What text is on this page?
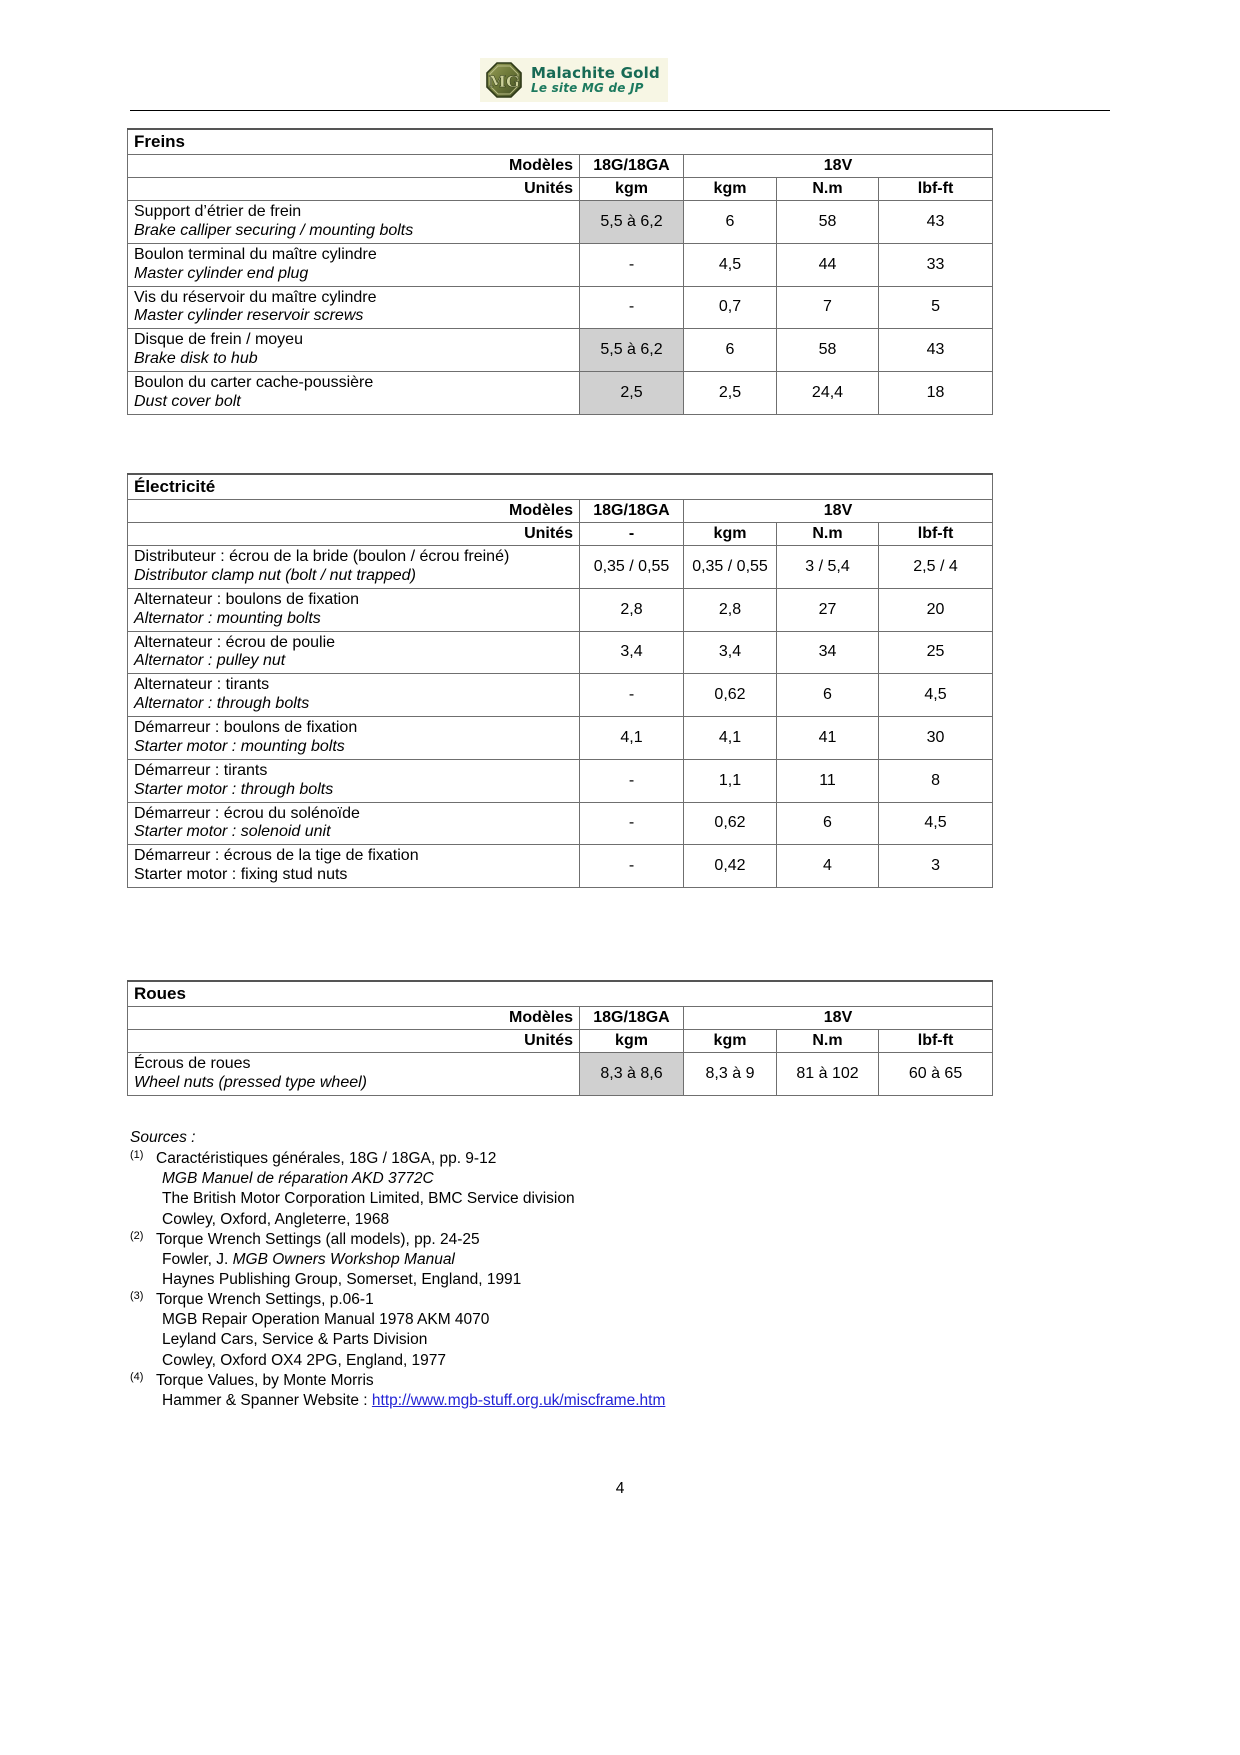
MG Malachite Gold
Le site MG de JP
Freins				
Modèles	18G/18GA	18V		
Unités	kgm	kgm	N.m	lbf-ft

Support d’étrier de frein
Brake calliper securing / mounting bolts	5,5 à 6,2	6	58	43

Boulon terminal du maître cylindre
Master cylinder end plug	-	4,5	44	33

Vis du réservoir du maître cylindre
Master cylinder reservoir screws	-	0,7	7	5

Disque de frein / moyeu
Brake disk to hub	5,5 à 6,2	6	58	43

Boulon du carter cache-poussière
Dust cover bolt	2,5	2,5	24,4	18
Électricité				
Modèles	18G/18GA	18V		
Unités	-	kgm	N.m	lbf-ft

Distributeur : écrou de la bride (boulon / écrou freiné)
Distributor clamp nut (bolt / nut trapped)	0,35 / 0,55	0,35 / 0,55	3 / 5,4	2,5 / 4

Alternateur : boulons de fixation
Alternator : mounting bolts	2,8	2,8	27	20

Alternateur : écrou de poulie
Alternator : pulley nut	3,4	3,4	34	25

Alternateur : tirants
Alternator : through bolts	-	0,62	6	4,5

Démarreur : boulons de fixation
Starter motor : mounting bolts	4,1	4,1	41	30

Démarreur : tirants
Starter motor : through bolts	-	1,1	11	8

Démarreur : écrou du solénoïde
Starter motor : solenoid unit	-	0,62	6	4,5

Démarreur : écrous de la tige de fixation
Starter motor : fixing stud nuts	-	0,42	4	3
Roues				
Modèles	18G/18GA	18V		
Unités	kgm	kgm	N.m	lbf-ft

Écrous de roues
Wheel nuts (pressed type wheel)	8,3 à 8,6	8,3 à 9	81 à 102	60 à 65
Sources :
(1) Caractéristiques générales, 18G / 18GA, pp. 9-12
MGB Manuel de réparation AKD 3772C
The British Motor Corporation Limited, BMC Service division
Cowley, Oxford, Angleterre, 1968
(2) Torque Wrench Settings (all models), pp. 24-25
Fowler, J. MGB Owners Workshop Manual
Haynes Publishing Group, Somerset, England, 1991
(3) Torque Wrench Settings, p.06-1
MGB Repair Operation Manual 1978 AKM 4070
Leyland Cars, Service & Parts Division
Cowley, Oxford OX4 2PG, England, 1977
(4) Torque Values, by Monte Morris
Hammer & Spanner Website : http://www.mgb-stuff.org.uk/miscframe.htm
4
